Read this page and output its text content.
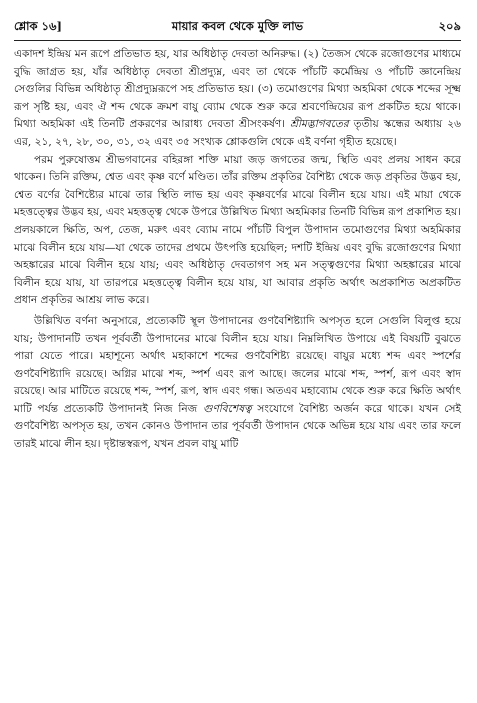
শ্লোক ১৬]	মায়ার কবল থেকে মুক্তি লাভ	২০৯

একাদশ ইন্দ্রিয় মন রূপে প্রতিভাত হয়, যার অধিষ্ঠাতৃ দেবতা অনিরুদ্ধ। (২) তৈজস থেকে রজোগুণের মাধ্যমে বুদ্ধি জাগ্রত হয়, যাঁর অধিষ্ঠাতৃ দেবতা শ্রীপ্রদ্যুম্ন, এবং তা থেকে পাঁচটি কর্মেন্দ্রিয় ও পাঁচটি জ্ঞানেন্দ্রিয় সেগুলির বিভিন্ন অধিষ্ঠাতৃ শ্রীপ্রদ্যুম্নরূপে সহ প্রতিভাত হয়। (৩) তমোগুণের মিথ্যা অহমিকা থেকে শব্দের সূক্ষ্ম রূপ সৃষ্টি হয়, এবং ঐ শব্দ থেকে ক্রমশ বায়ু ব্যোম থেকে শুরু করে শ্রবণেন্দ্রিয়ের রূপ প্রকটিত হয়ে থাকে। মিথ্যা অহমিকা এই তিনটি প্রকরণের আরাধ্য দেবতা শ্রীসংকর্ষণ। শ্রীমদ্ভাগবতের তৃতীয় স্কন্ধের অধ্যায় ২৬ এর, ২১, ২৭, ২৮, ৩০, ৩১, ৩২ এবং ৩৫ সংখ্যক শ্লোকগুলি থেকে এই বর্ণনা গৃহীত হয়েছে।

পরম পুরুষোত্তম শ্রীভগবানের বহিরঙ্গা শক্তি মায়া জড় জগতের জন্ম, স্থিতি এবং প্রলয় সাধন করে থাকেন। তিনি রক্তিম, শ্বেত এবং কৃষ্ণ বর্ণে মণ্ডিত। তাঁর রক্তিম প্রকৃতির বৈশিষ্ট্য থেকে জড় প্রকৃতির উদ্ভব হয়, শ্বেত বর্ণের বৈশিষ্ট্যের মাঝে তার স্থিতি লাভ হয় এবং কৃষ্ণবর্ণের মাঝে বিলীন হয়ে যায়। এই মায়া থেকে মহত্তত্ত্বের উদ্ভব হয়, এবং মহত্তত্ত্ব থেকে উপরে উল্লিখিত মিথ্যা অহমিকার তিনটি বিভিন্ন রূপ প্রকাশিত হয়। প্রলয়কালে ক্ষিতি, অপ, তেজ, মরুৎ এবং ব্যোম নামে পাঁচটি বিপুল উপাদান তমোগুণের মিথ্যা অহমিকার মাঝে বিলীন হয়ে যায়—যা থেকে তাদের প্রথমে উৎপত্তি হয়েছিল; দশটি ইন্দ্রিয় এবং বুদ্ধি রজোগুণের মিথ্যা অহঙ্কারের মাঝে বিলীন হয়ে যায়; এবং অধিষ্ঠাতৃ দেবতাগণ সহ মন সত্ত্বগুণের মিথ্যা অহঙ্কারের মাঝে বিলীন হয়ে যায়, যা তারপরে মহত্তত্ত্বে বিলীন হয়ে যায়, যা আবার প্রকৃতি অর্থাৎ অপ্রকাশিত অপ্রকটিত প্রধান প্রকৃতির আশ্রয় লাভ করে।

উল্লিখিত বর্ণনা অনুসারে, প্রত্যেকটি স্থূল উপাদানের গুণবৈশিষ্ট্যাদি অপসৃত হলে সেগুলি বিলুপ্ত হয়ে যায়; উপাদানটি তখন পূর্ববর্তী উপাদানের মাঝে বিলীন হয়ে যায়। নিম্নলিখিত উপায়ে এই বিষয়টি বুঝতে পারা যেতে পারে। মহাশূন্যে অর্থাৎ মহাকাশে শব্দের গুণবৈশিষ্ট্য রয়েছে। বায়ুর মধ্যে শব্দ এবং স্পর্শের গুণবৈশিষ্ট্যাদি রয়েছে। অগ্নির মাঝে শব্দ, স্পর্শ এবং রূপ আছে। জলের মাঝে শব্দ, স্পর্শ, রূপ এবং স্বাদ রয়েছে। আর মাটিতে রয়েছে শব্দ, স্পর্শ, রূপ, স্বাদ এবং গন্ধ। অতএব মহাব্যোম থেকে শুরু করে ক্ষিতি অর্থাৎ মাটি পর্যন্ত প্রত্যেকটি উপাদানই নিজ নিজ গুণবিশেষত্ব সংযোগে বৈশিষ্ট্য অর্জন করে থাকে। যখন সেই গুণবৈশিষ্ট্য অপসৃত হয়, তখন কোনও উপাদান তার পূর্ববর্তী উপাদান থেকে অভিন্ন হয়ে যায় এবং তার ফলে তারই মাঝে লীন হয়। দৃষ্টান্তস্বরূপ, যখন প্রবল বায়ু মাটি
